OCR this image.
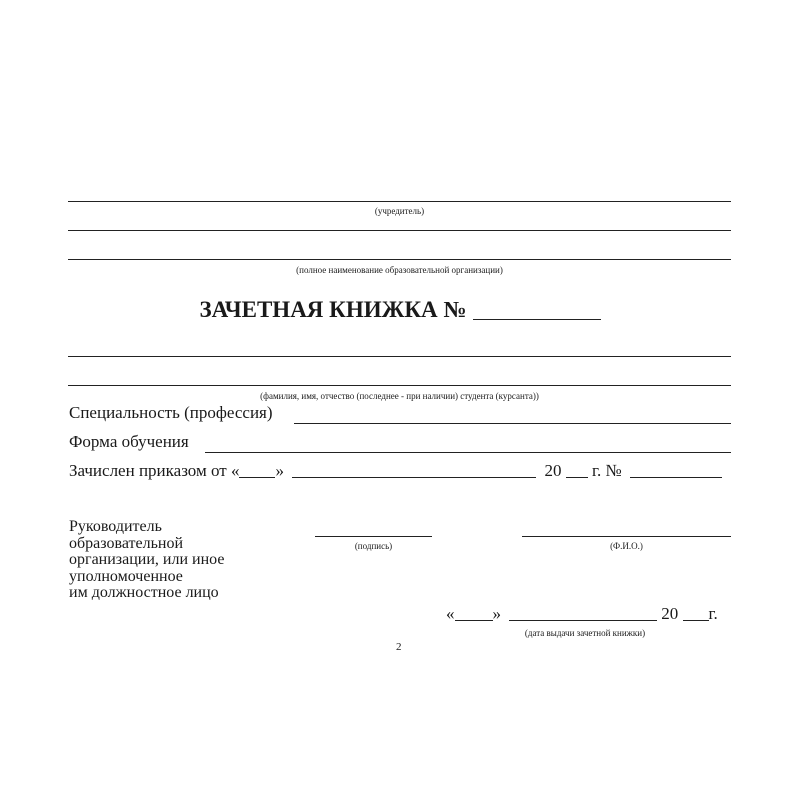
(учредитель)
(полное наименование образовательной организации)
ЗАЧЕТНАЯ КНИЖКА №
(фамилия, имя, отчество (последнее - при наличии) студента (курсанта))
Специальность (профессия)
Форма обучения
Зачислен приказом от « »	20 г. №
Руководитель
образовательной
организации, или иное
уполномоченное
им должностное лицо
(подпись)	(Ф.И.О.)
« »	20 г.
(дата выдачи зачетной книжки)
2
